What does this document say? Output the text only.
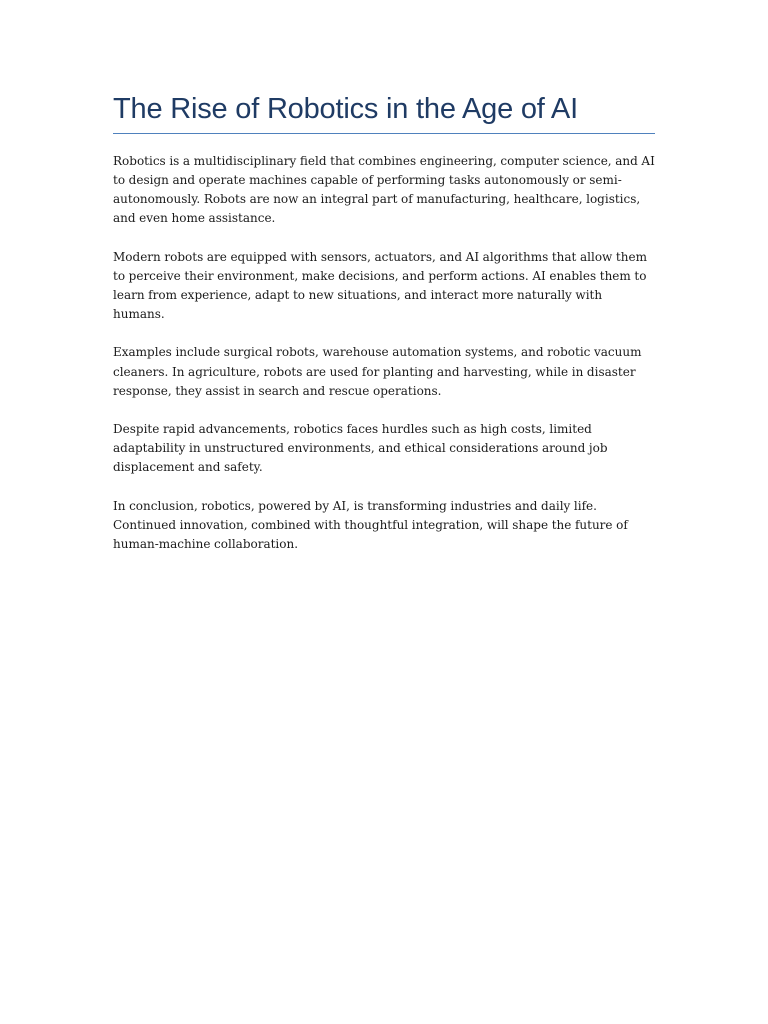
The Rise of Robotics in the Age of AI

Robotics is a multidisciplinary field that combines engineering, computer science, and AI to design and operate machines capable of performing tasks autonomously or semi-autonomously. Robots are now an integral part of manufacturing, healthcare, logistics, and even home assistance.

Modern robots are equipped with sensors, actuators, and AI algorithms that allow them to perceive their environment, make decisions, and perform actions. AI enables them to learn from experience, adapt to new situations, and interact more naturally with humans.

Examples include surgical robots, warehouse automation systems, and robotic vacuum cleaners. In agriculture, robots are used for planting and harvesting, while in disaster response, they assist in search and rescue operations.

Despite rapid advancements, robotics faces hurdles such as high costs, limited adaptability in unstructured environments, and ethical considerations around job displacement and safety.

In conclusion, robotics, powered by AI, is transforming industries and daily life. Continued innovation, combined with thoughtful integration, will shape the future of human-machine collaboration.
